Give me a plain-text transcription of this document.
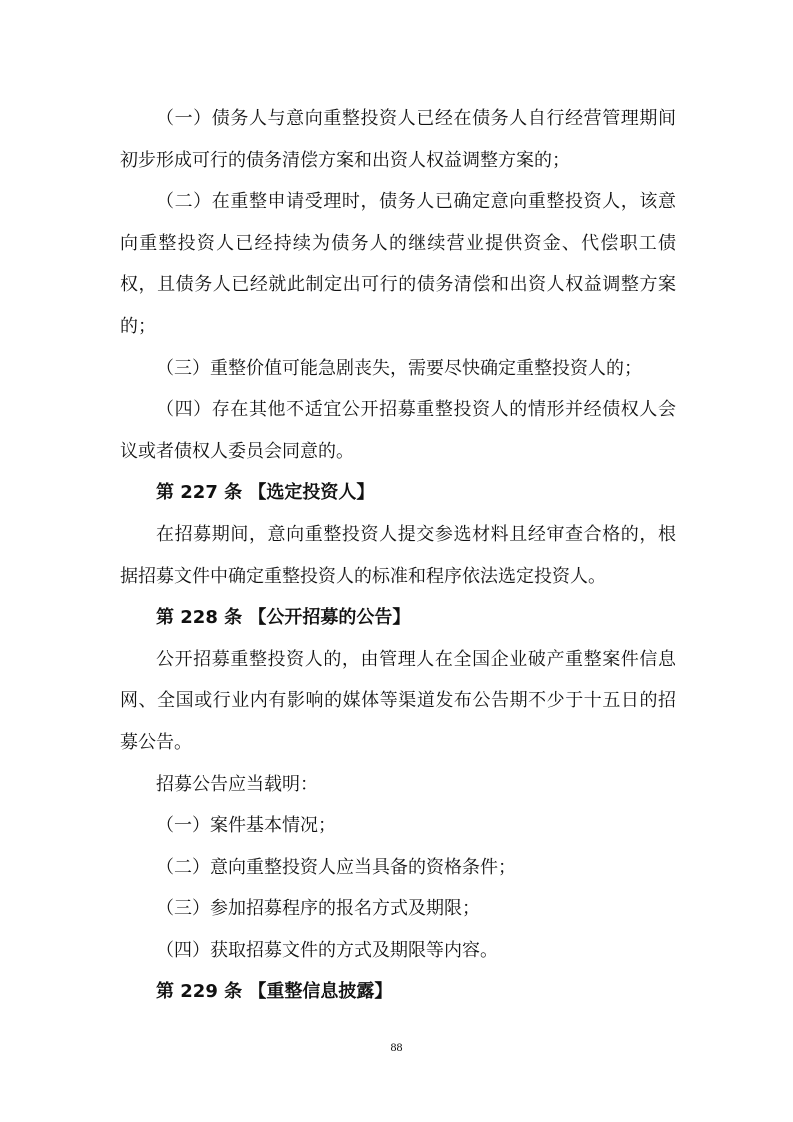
（一）债务人与意向重整投资人已经在债务人自行经营管理期间初步形成可行的债务清偿方案和出资人权益调整方案的；

（二）在重整申请受理时，债务人已确定意向重整投资人，该意向重整投资人已经持续为债务人的继续营业提供资金、代偿职工债权，且债务人已经就此制定出可行的债务清偿和出资人权益调整方案的；

（三）重整价值可能急剧丧失，需要尽快确定重整投资人的；

（四）存在其他不适宜公开招募重整投资人的情形并经债权人会议或者债权人委员会同意的。

第 227 条 【选定投资人】

在招募期间，意向重整投资人提交参选材料且经审查合格的，根据招募文件中确定重整投资人的标准和程序依法选定投资人。

第 228 条 【公开招募的公告】

公开招募重整投资人的，由管理人在全国企业破产重整案件信息网、全国或行业内有影响的媒体等渠道发布公告期不少于十五日的招募公告。

招募公告应当载明：

（一）案件基本情况；

（二）意向重整投资人应当具备的资格条件；

（三）参加招募程序的报名方式及期限；

（四）获取招募文件的方式及期限等内容。

第 229 条 【重整信息披露】

88
